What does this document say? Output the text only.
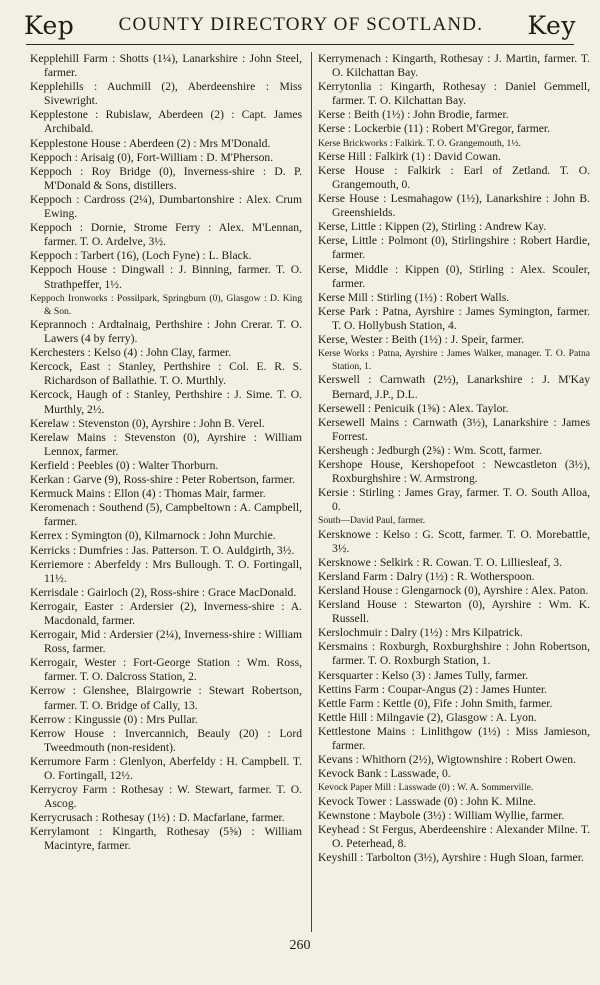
Kep COUNTY DIRECTORY OF SCOTLAND. Key

Kepplehill Farm : Shotts (1¼), Lanarkshire : John Steel, farmer.

Kepplehills : Auchmill (2), Aberdeenshire : Miss Sivewright.

Kepplestone : Rubislaw, Aberdeen (2) : Capt. James Archibald.

Kepplestone House : Aberdeen (2) : Mrs M'Donald.

Keppoch : Arisaig (0), Fort-William : D. M'Pherson.

Keppoch : Roy Bridge (0), Inverness-shire : D. P. M'Donald & Sons, distillers.

Keppoch : Cardross (2¼), Dumbartonshire : Alex. Crum Ewing.

Keppoch : Dornie, Strome Ferry : Alex. M'Lennan, farmer. T. O. Ardelve, 3½.

Keppoch : Tarbert (16), (Loch Fyne) : L. Black.

Keppoch House : Dingwall : J. Binning, farmer. T. O. Strathpeffer, 1½.

Keppoch Ironworks : Possilpark, Springburn (0), Glasgow : D. King & Son.

Keprannoch : Ardtalnaig, Perthshire : John Crerar. T. O. Lawers (4 by ferry).

Kerchesters : Kelso (4) : John Clay, farmer.

Kercock, East : Stanley, Perthshire : Col. E. R. S. Richardson of Ballathie. T. O. Murthly.

Kercock, Haugh of : Stanley, Perthshire : J. Sime. T. O. Murthly, 2½.

Kerelaw : Stevenston (0), Ayrshire : John B. Verel.

Kerelaw Mains : Stevenston (0), Ayrshire : William Lennox, farmer.

Kerfield : Peebles (0) : Walter Thorburn.

Kerkan : Garve (9), Ross-shire : Peter Robertson, farmer.

Kermuck Mains : Ellon (4) : Thomas Mair, farmer.

Keromenach : Southend (5), Campbeltown : A. Campbell, farmer.

Kerrex : Symington (0), Kilmarnock : John Murchie.

Kerricks : Dumfries : Jas. Patterson. T. O. Auldgirth, 3½.

Kerriemore : Aberfeldy : Mrs Bullough. T. O. Fortingall, 11½.

Kerrisdale : Gairloch (2), Ross-shire : Grace MacDonald.

Kerrogair, Easter : Ardersier (2), Inverness-shire : A. Macdonald, farmer.

Kerrogair, Mid : Ardersier (2¼), Inverness-shire : William Ross, farmer.

Kerrogair, Wester : Fort-George Station : Wm. Ross, farmer. T. O. Dalcross Station, 2.

Kerrow : Glenshee, Blairgowrie : Stewart Robertson, farmer. T. O. Bridge of Cally, 13.

Kerrow : Kingussie (0) : Mrs Pullar.

Kerrow House : Invercannich, Beauly (20) : Lord Tweedmouth (non-resident).

Kerrumore Farm : Glenlyon, Aberfeldy : H. Campbell. T. O. Fortingall, 12½.

Kerrycroy Farm : Rothesay : W. Stewart, farmer. T. O. Ascog.

Kerrycrusach : Rothesay (1½) : D. Macfarlane, farmer.

Kerrylamont : Kingarth, Rothesay (5⅝) : William Macintyre, farmer.

Kerrymenach : Kingarth, Rothesay : J. Martin, farmer. T. O. Kilchattan Bay.

Kerrytonlia : Kingarth, Rothesay : Daniel Gemmell, farmer. T. O. Kilchattan Bay.

Kerse : Beith (1½) : John Brodie, farmer.

Kerse : Lockerbie (11) : Robert M'Gregor, farmer.

Kerse Brickworks : Falkirk. T. O. Grangemouth, 1½.

Kerse Hill : Falkirk (1) : David Cowan.

Kerse House : Falkirk : Earl of Zetland. T. O. Grangemouth, 0.

Kerse House : Lesmahagow (1½), Lanarkshire : John B. Greenshields.

Kerse, Little : Kippen (2), Stirling : Andrew Kay.

Kerse, Little : Polmont (0), Stirlingshire : Robert Hardie, farmer.

Kerse, Middle : Kippen (0), Stirling : Alex. Scouler, farmer.

Kerse Mill : Stirling (1½) : Robert Walls.

Kerse Park : Patna, Ayrshire : James Symington, farmer. T. O. Hollybush Station, 4.

Kerse, Wester : Beith (1½) : J. Speir, farmer.

Kerse Works : Patna, Ayrshire : James Walker, manager. T. O. Patna Station, 1.

Kerswell : Carnwath (2½), Lanarkshire : J. M'Kay Bernard, J.P., D.L.

Kersewell : Penicuik (1⅝) : Alex. Taylor.

Kersewell Mains : Carnwath (3½), Lanarkshire : James Forrest.

Kersheugh : Jedburgh (2⅝) : Wm. Scott, farmer.

Kershope House, Kershopefoot : Newcastleton (3½), Roxburghshire : W. Armstrong.

Kersie : Stirling : James Gray, farmer. T. O. South Alloa, 0.

South—David Paul, farmer.

Kersknowe : Kelso : G. Scott, farmer. T. O. Morebattle, 3½.

Kersknowe : Selkirk : R. Cowan. T. O. Lilliesleaf, 3.

Kersland Farm : Dalry (1½) : R. Wotherspoon.

Kersland House : Glengarnock (0), Ayrshire : Alex. Paton.

Kersland House : Stewarton (0), Ayrshire : Wm. K. Russell.

Kerslochmuir : Dalry (1½) : Mrs Kilpatrick.

Kersmains : Roxburgh, Roxburghshire : John Robertson, farmer. T. O. Roxburgh Station, 1.

Kersquarter : Kelso (3) : James Tully, farmer.

Kettins Farm : Coupar-Angus (2) : James Hunter.

Kettle Farm : Kettle (0), Fife : John Smith, farmer.

Kettle Hill : Milngavie (2), Glasgow : A. Lyon.

Kettlestone Mains : Linlithgow (1½) : Miss Jamieson, farmer.

Kevans : Whithorn (2½), Wigtownshire : Robert Owen.

Kevock Bank : Lasswade, 0.

Kevock Paper Mill : Lasswade (0) : W. A. Sommerville.

Kevock Tower : Lasswade (0) : John K. Milne.

Kewnstone : Maybole (3½) : William Wyllie, farmer.

Keyhead : St Fergus, Aberdeenshire : Alexander Milne. T. O. Peterhead, 8.

Keyshill : Tarbolton (3½), Ayrshire : Hugh Sloan, farmer.

260
